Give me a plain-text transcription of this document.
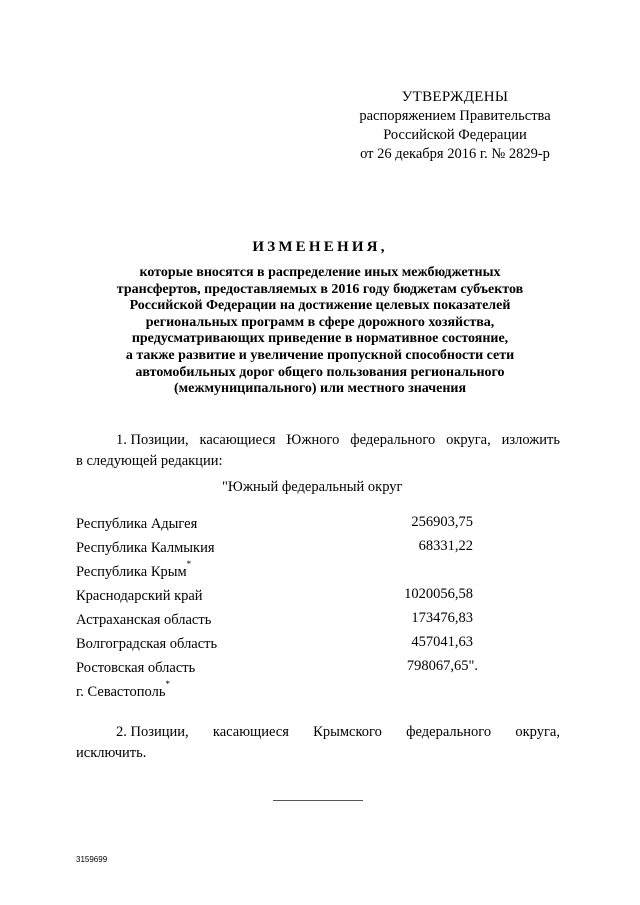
УТВЕРЖДЕНЫ
распоряжением Правительства
Российской Федерации
от 26 декабря 2016 г. № 2829-р
ИЗМЕНЕНИЯ,
которые вносятся в распределение иных межбюджетных
трансфертов, предоставляемых в 2016 году бюджетам субъектов
Российской Федерации на достижение целевых показателей
региональных программ в сфере дорожного хозяйства,
предусматривающих приведение в нормативное состояние,
а также развитие и увеличение пропускной способности сети
автомобильных дорог общего пользования регионального
(межмуниципального) или местного значения
1. Позиции, касающиеся Южного федерального округа, изложить
в следующей редакции:
"Южный федеральный округ
Республика Адыгея	256903,75
Республика Калмыкия	68331,22
Республика Крым*
Краснодарский край	1020056,58
Астраханская область	173476,83
Волгоградская область	457041,63
Ростовская область	798067,65".
г. Севастополь*
2. Позиции, касающиеся Крымского федерального округа,
исключить.
3159699
